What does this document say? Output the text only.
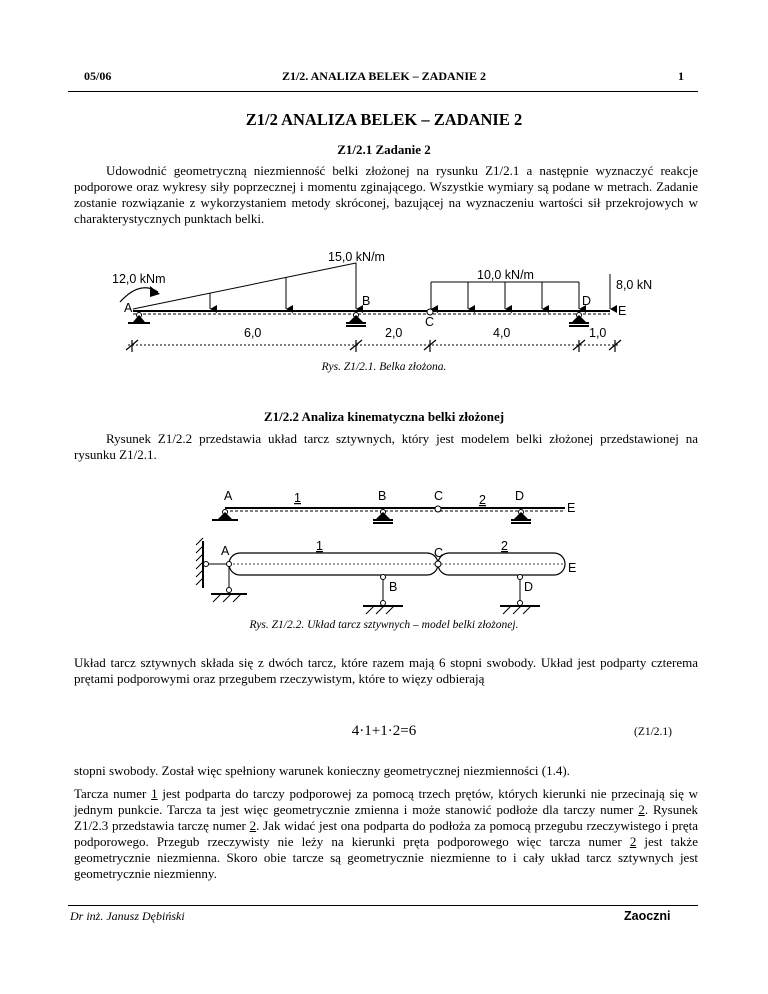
05/06	Z1/2. ANALIZA BELEK – ZADANIE 2	1
Z1/2 ANALIZA BELEK – ZADANIE 2
Z1/2.1 Zadanie 2
Udowodnić geometryczną niezmienność belki złożonej na rysunku Z1/2.1 a następnie wyznaczyć reakcje podporowe oraz wykresy siły poprzecznej i momentu zginającego. Wszystkie wymiary są podane w metrach. Zadanie zostanie rozwiązanie z wykorzystaniem metody skróconej, bazującej na wyznaczeniu wartości sił przekrojowych w charakterystycznych punktach belki.
15,0 kN/m
10,0 kN/m
12,0 kNm	8,0 kN
A	B
C
D
E
6,0	2,0	4,0	1,0
Rys. Z1/2.1. Belka złożona.
Z1/2.2 Analiza kinematyczna belki złożonej
Rysunek Z1/2.2 przedstawia układ tarcz sztywnych, który jest modelem belki złożonej przedstawionej na rysunku Z1/2.1.
A	1	B	C	2 D
E
A	1
B
C	2
D
E
Rys. Z1/2.2. Układ tarcz sztywnych – model belki złożonej.
Układ tarcz sztywnych składa się z dwóch tarcz, które razem mają 6 stopni swobody. Układ jest podparty czterema prętami podporowymi oraz przegubem rzeczywistym, które to więzy odbierają
4·1+1·2=6	(Z1/2.1)
stopni swobody. Został więc spełniony warunek konieczny geometrycznej niezmienności (1.4).
Tarcza numer 1 jest podparta do tarczy podporowej za pomocą trzech prętów, których kierunki nie przecinają się w jednym punkcie. Tarcza ta jest więc geometrycznie zmienna i może stanowić podłoże dla tarczy numer 2. Rysunek Z1/2.3 przedstawia tarczę numer 2. Jak widać jest ona podparta do podłoża za pomocą przegubu rzeczywistego i pręta podporowego. Przegub rzeczywisty nie leży na kierunki pręta podporowego więc tarcza numer 2 jest także geometrycznie niezmienna. Skoro obie tarcze są geometrycznie niezmienne to i cały układ tarcz sztywnych jest geometrycznie niezmienny.
Dr inż. Janusz Dębiński	Zaoczni
